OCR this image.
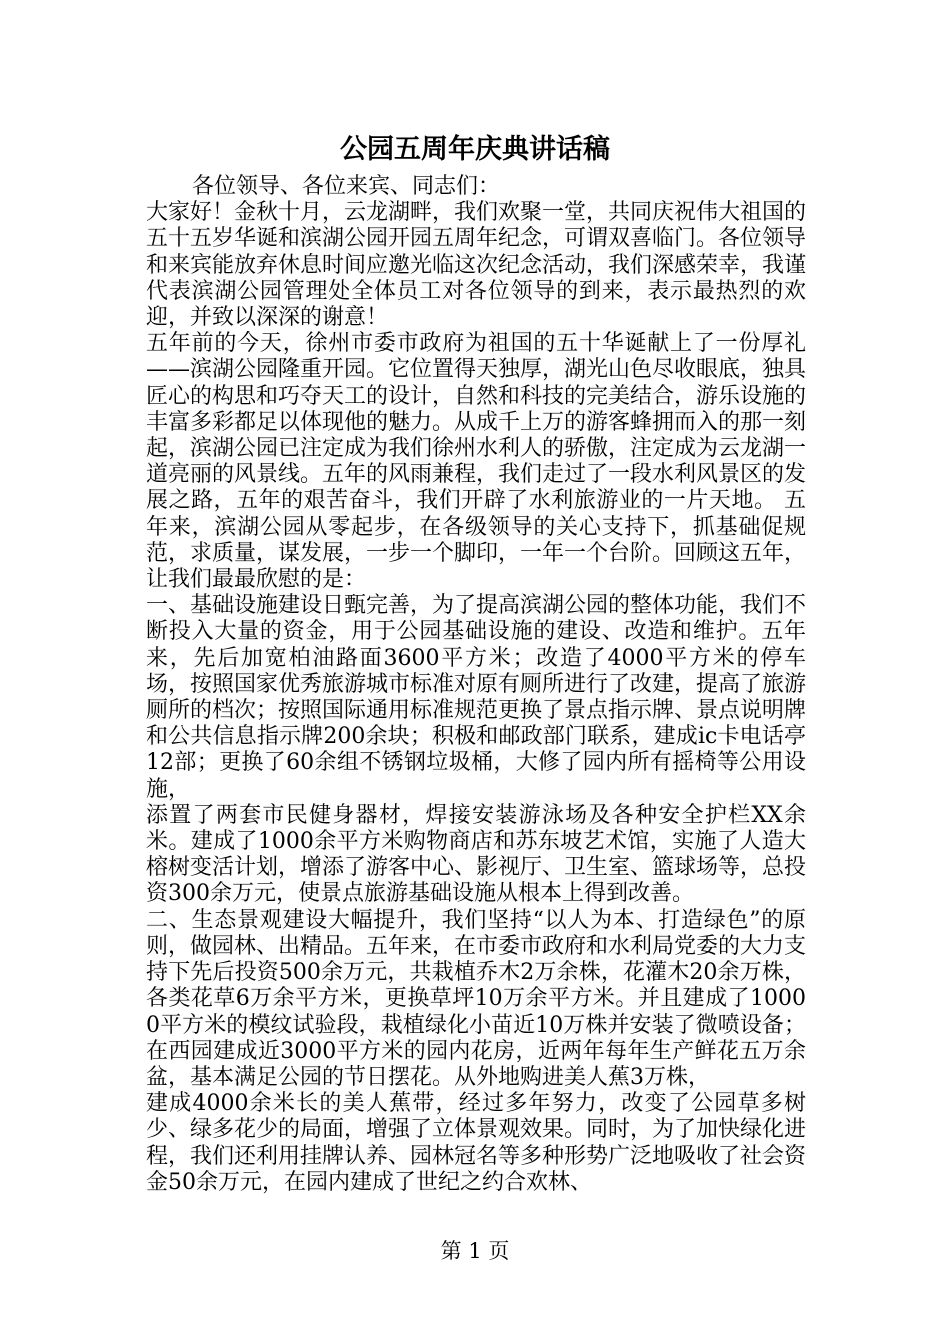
公园五周年庆典讲话稿

各位领导、各位来宾、同志们：

大家好！金秋十月，云龙湖畔，我们欢聚一堂，共同庆祝伟大祖国的五十五岁华诞和滨湖公园开园五周年纪念，可谓双喜临门。各位领导和来宾能放弃休息时间应邀光临这次纪念活动，我们深感荣幸，我谨代表滨湖公园管理处全体员工对各位领导的到来，表示最热烈的欢迎，并致以深深的谢意！

五年前的今天，徐州市委市政府为祖国的五十华诞献上了一份厚礼——滨湖公园隆重开园。它位置得天独厚，湖光山色尽收眼底，独具匠心的构思和巧夺天工的设计，自然和科技的完美结合，游乐设施的丰富多彩都足以体现他的魅力。从成千上万的游客蜂拥而入的那一刻起，滨湖公园已注定成为我们徐州水利人的骄傲，注定成为云龙湖一道亮丽的风景线。五年的风雨兼程，我们走过了一段水利风景区的发展之路，五年的艰苦奋斗，我们开辟了水利旅游业的一片天地。 五年来，滨湖公园从零起步，在各级领导的关心支持下，抓基础促规范，求质量，谋发展，一步一个脚印，一年一个台阶。回顾这五年，让我们最最欣慰的是：

一、基础设施建设日甄完善，为了提高滨湖公园的整体功能，我们不断投入大量的资金，用于公园基础设施的建设、改造和维护。五年来，先后加宽柏油路面3600平方米；改造了4000平方米的停车场，按照国家优秀旅游城市标准对原有厕所进行了改建，提高了旅游厕所的档次；按照国际通用标准规范更换了景点指示牌、景点说明牌和公共信息指示牌200余块；积极和邮政部门联系，建成ic卡电话亭12部；更换了60余组不锈钢垃圾桶，大修了园内所有摇椅等公用设施，

添置了两套市民健身器材，焊接安装游泳场及各种安全护栏XX余米。建成了1000余平方米购物商店和苏东坡艺术馆，实施了人造大榕树变活计划，增添了游客中心、影视厅、卫生室、篮球场等，总投资300余万元，使景点旅游基础设施从根本上得到改善。

二、生态景观建设大幅提升，我们坚持“以人为本、打造绿色”的原则，做园林、出精品。五年来，在市委市政府和水利局党委的大力支持下先后投资500余万元，共栽植乔木2万余株，花灌木20余万株，各类花草6万余平方米，更换草坪10万余平方米。并且建成了10000平方米的模纹试验段，栽植绿化小苗近10万株并安装了微喷设备；在西园建成近3000平方米的园内花房，近两年每年生产鲜花五万余盆，基本满足公园的节日摆花。从外地购进美人蕉3万株，

建成4000余米长的美人蕉带，经过多年努力，改变了公园草多树少、绿多花少的局面，增强了立体景观效果。同时，为了加快绿化进程，我们还利用挂牌认养、园林冠名等多种形势广泛地吸收了社会资金50余万元，在园内建成了世纪之约合欢林、

第 1 页
